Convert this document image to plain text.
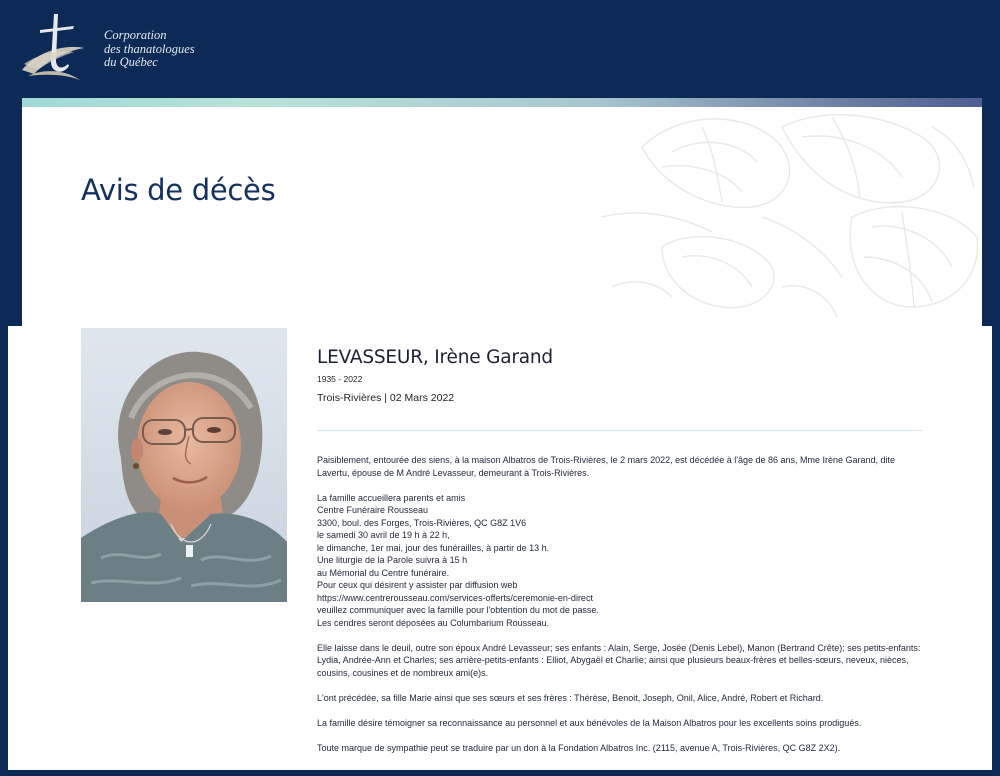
Corporation
des thanatologues
du Québec
Avis de décès
LEVASSEUR, Irène Garand
1935 - 2022
Trois-Rivières | 02 Mars 2022

Paisiblement, entourée des siens, à la maison Albatros de Trois-Rivières, le 2 mars 2022, est décédée à l'âge de 86 ans, Mme Irène Garand, dite Lavertu, épouse de M André Levasseur, demeurant à Trois-Rivières.

La famille accueillera parents et amis
Centre Funéraire Rousseau
3300, boul. des Forges, Trois-Rivières, QC G8Z 1V6
le samedi 30 avril de 19 h à 22 h,
le dimanche, 1er mai, jour des funérailles, à partir de 13 h.
Une liturgie de la Parole suivra à 15 h
au Mémorial du Centre funéraire.
Pour ceux qui désirent y assister par diffusion web
https://www.centrerousseau.com/services-offerts/ceremonie-en-direct
veuillez communiquer avec la famille pour l'obtention du mot de passe.
Les cendres seront déposées au Columbarium Rousseau.

Elle laisse dans le deuil, outre son époux André Levasseur; ses enfants : Alain, Serge, Josée (Denis Lebel), Manon (Bertrand Crête); ses petits-enfants: Lydia, Andrée-Ann et Charles; ses arrière-petits-enfants : Elliot, Abygaël et Charlie; ainsi que plusieurs beaux-frères et belles-sœurs, neveux, nièces, cousins, cousines et de nombreux ami(e)s.

L'ont précédée, sa fille Marie ainsi que ses sœurs et ses frères : Thérèse, Benoit, Joseph, Onil, Alice, André, Robert et Richard.

La famille désire témoigner sa reconnaissance au personnel et aux bénévoles de la Maison Albatros pour les excellents soins prodigués.

Toute marque de sympathie peut se traduire par un don à la Fondation Albatros Inc. (2115, avenue A, Trois-Rivières, QC G8Z 2X2).
